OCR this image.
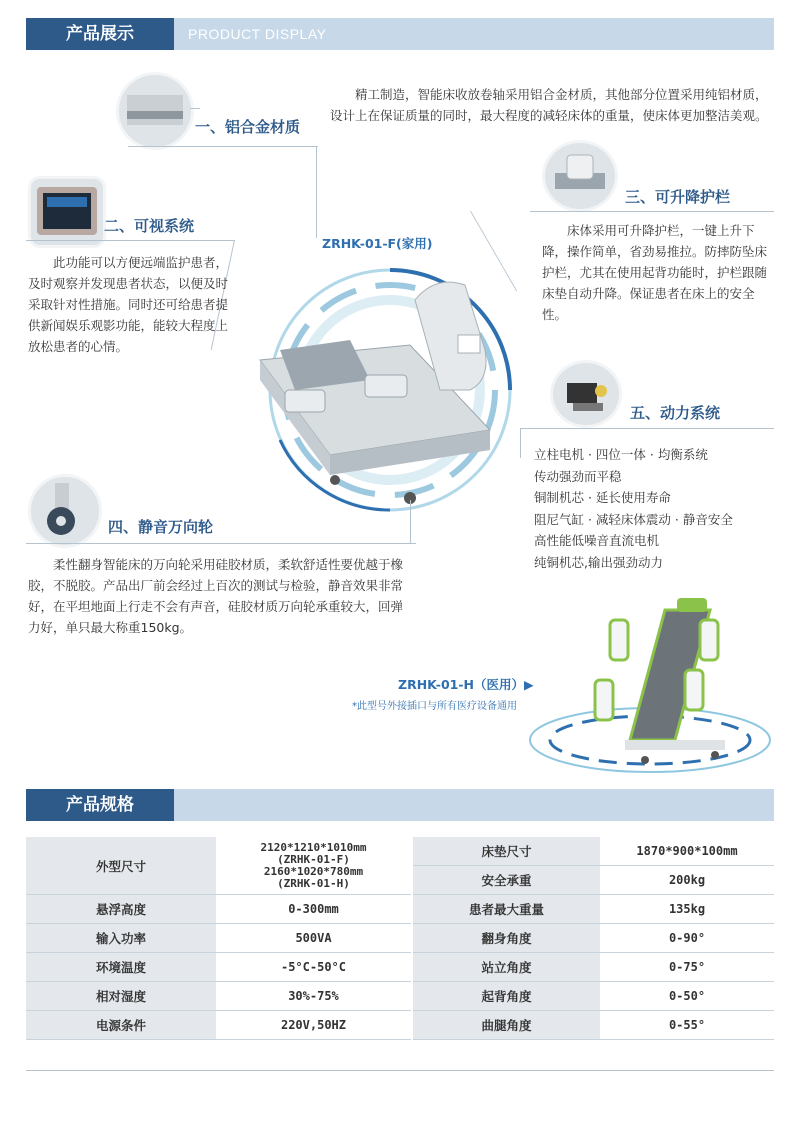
产品展示	PRODUCT DISPLAY
ZRHK-01-F(家用)
一、铝合金材质
精工制造，智能床收放卷轴采用铝合金材质，其他部分位置采用纯铝材质，设计上在保证质量的同时，最大程度的减轻床体的重量，使床体更加整洁美观。
二、可视系统
此功能可以方便远端监护患者，及时观察并发现患者状态，以便及时采取针对性措施。同时还可给患者提供新闻娱乐观影功能，能较大程度上放松患者的心情。
三、可升降护栏
床体采用可升降护栏，一键上升下降，操作简单，省劲易推拉。防摔防坠床护栏，尤其在使用起背功能时，护栏跟随床垫自动升降。保证患者在床上的安全性。
五、动力系统
立柱电机 · 四位一体 · 均衡系统
传动强劲而平稳
铜制机芯 · 延长使用寿命
阻尼气缸 · 减轻床体震动 · 静音安全
高性能低噪音直流电机
纯铜机芯,输出强劲动力
四、静音万向轮
柔性翻身智能床的万向轮采用硅胶材质，柔软舒适性要优越于橡胶，不脱胶。产品出厂前会经过上百次的测试与检验，静音效果非常好，在平坦地面上行走不会有声音，硅胶材质万向轮承重较大，回弹力好，单只最大称重150kg。
ZRHK-01-H（医用）▶
*此型号外接插口与所有医疗设备通用
产品规格
外型尺寸	2120*1210*1010mm
(ZRHK-01-F)
2160*1020*780mm
(ZRHK-01-H)	床垫尺寸	1870*900*100mm
		安全承重	200kg
悬浮高度	0-300mm	患者最大重量	135kg
输入功率	500VA	翻身角度	0-90°
环境温度	-5°C-50°C	站立角度	0-75°
相对湿度	30%-75%	起背角度	0-50°
电源条件	220V,50HZ	曲腿角度	0-55°
